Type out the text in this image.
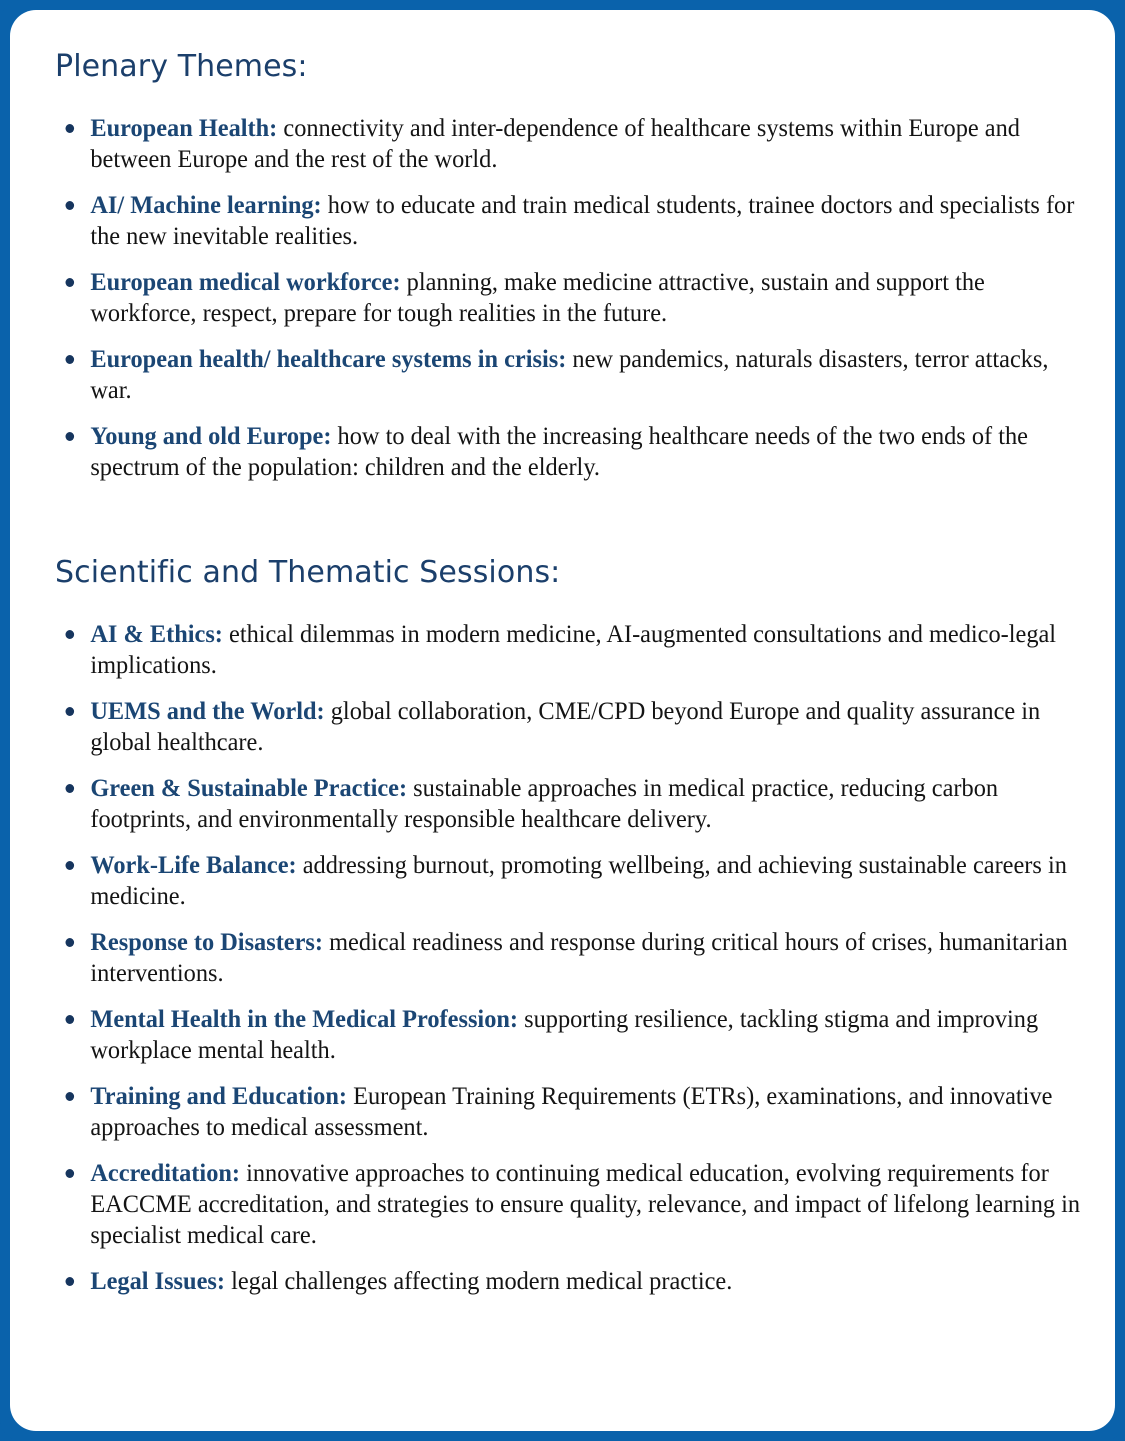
Plenary Themes:
European Health: connectivity and inter-dependence of healthcare systems within Europe and between Europe and the rest of the world.
AI/ Machine learning: how to educate and train medical students, trainee doctors and specialists for the new inevitable realities.
European medical workforce: planning, make medicine attractive, sustain and support the workforce, respect, prepare for tough realities in the future.
European health/ healthcare systems in crisis: new pandemics, naturals disasters, terror attacks, war.
Young and old Europe: how to deal with the increasing healthcare needs of the two ends of the spectrum of the population: children and the elderly.
Scientific and Thematic Sessions:
AI & Ethics: ethical dilemmas in modern medicine, AI-augmented consultations and medico-legal implications.
UEMS and the World: global collaboration, CME/CPD beyond Europe and quality assurance in global healthcare.
Green & Sustainable Practice: sustainable approaches in medical practice, reducing carbon footprints, and environmentally responsible healthcare delivery.
Work-Life Balance: addressing burnout, promoting wellbeing, and achieving sustainable careers in medicine.
Response to Disasters: medical readiness and response during critical hours of crises, humanitarian interventions.
Mental Health in the Medical Profession: supporting resilience, tackling stigma and improving workplace mental health.
Training and Education: European Training Requirements (ETRs), examinations, and innovative approaches to medical assessment.
Accreditation: innovative approaches to continuing medical education, evolving requirements for EACCME accreditation, and strategies to ensure quality, relevance, and impact of lifelong learning in specialist medical care.
Legal Issues: legal challenges affecting modern medical practice.
